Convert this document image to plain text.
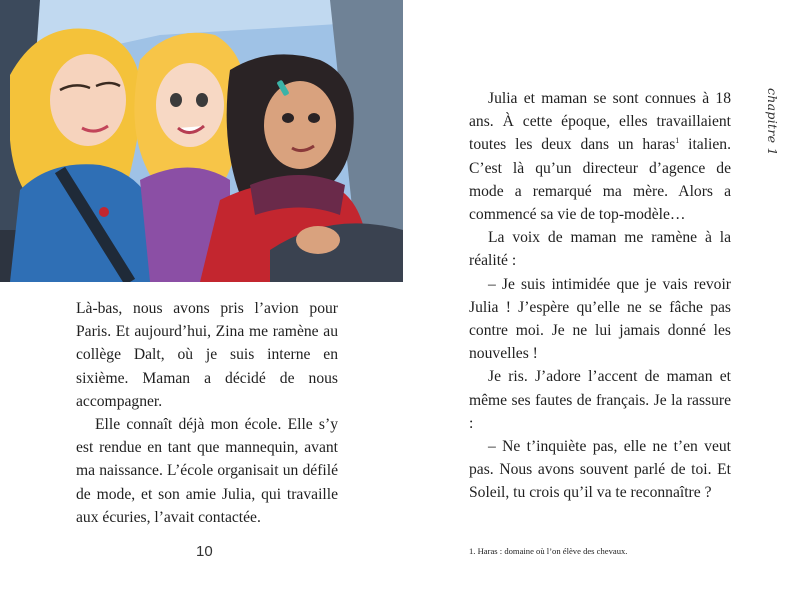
Là-bas, nous avons pris l’avion pour Paris. Et aujourd’hui, Zina me ramène au collège Dalt, où je suis interne en sixième. Maman a décidé de nous accompagner.

Elle connaît déjà mon école. Elle s’y est rendue en tant que mannequin, avant ma naissance. L’école organisait un défilé de mode, et son amie Julia, qui travaille aux écuries, l’avait contactée.

10
chapitre 1

Julia et maman se sont connues à 18 ans. À cette époque, elles travaillaient toutes les deux dans un haras$^1$ italien. C’est là qu’un directeur d’agence de mode a remarqué ma mère. Alors a commencé sa vie de top-modèle…

La voix de maman me ramène à la réalité :

– Je suis intimidée que je vais revoir Julia ! J’espère qu’elle ne se fâche pas contre moi. Je ne lui jamais donné les nouvelles !

Je ris. J’adore l’accent de maman et même ses fautes de français. Je la rassure :

– Ne t’inquiète pas, elle ne t’en veut pas. Nous avons souvent parlé de toi. Et Soleil, tu crois qu’il va te reconnaître ?

1. Haras : domaine où l’on élève des chevaux.
